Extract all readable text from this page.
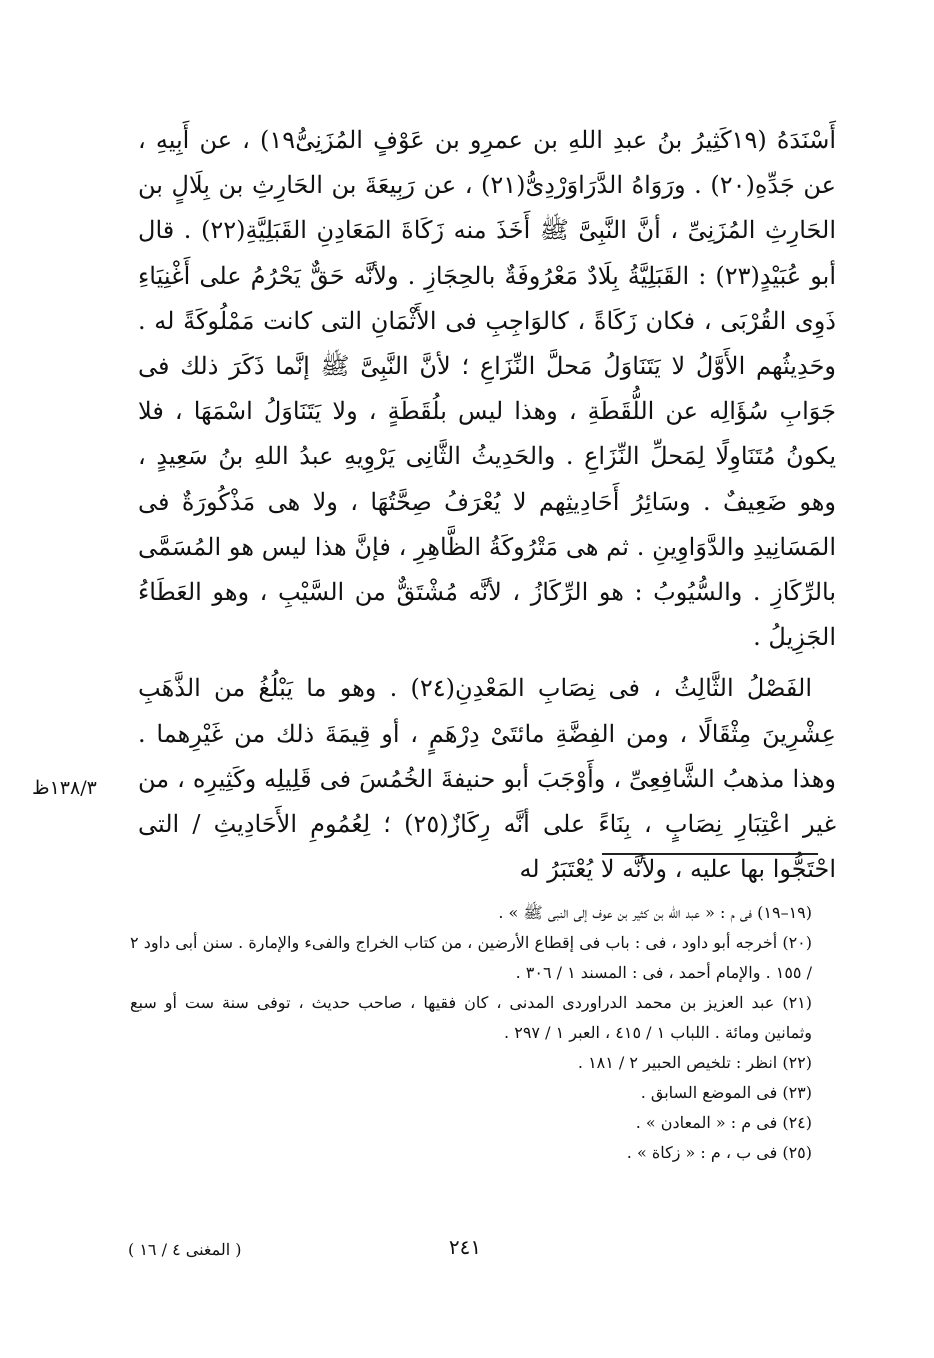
أَسْنَدَهُ (١٩كَثِيرُ بنُ عبدِ اللهِ بن عمرِو بن عَوْفٍ المُزَنِىُّ١٩) ، عن أَبِيهِ ، عن جَدِّهِ(٢٠) . ورَوَاهُ الدَّرَاوَرْدِىُّ(٢١) ، عن رَبِيعَةَ بن الحَارِثِ بن بِلَالٍ بن الحَارِثِ المُزَنِىِّ ، أنَّ النَّبِىَّ ﷺ أَخَذَ منه زَكَاةَ المَعَادِنِ القَبَلِيَّةِ(٢٢) . قال أبو عُبَيْدٍ(٢٣) : القَبَلِيَّةُ بِلَادٌ مَعْرُوفَةٌ بالحِجَازِ . ولأنَّه حَقٌّ يَحْرُمُ على أَغْنِيَاءِ ذَوِى القُرْبَى ، فكان زَكَاةً ، كالوَاجِبِ فى الأَثْمَانِ التى كانت مَمْلُوكَةً له . وحَدِيثُهم الأَوَّلُ لا يَتَنَاوَلُ مَحلَّ النِّزَاعِ ؛ لأنَّ النَّبِىَّ ﷺ إنَّما ذَكَرَ ذلك فى جَوَابِ سُؤَالِه عن اللُّقَطَةِ ، وهذا ليس بلُقَطَةٍ ، ولا يَتَنَاوَلُ اسْمَهَا ، فلا يكونُ مُتَنَاوِلًا لِمَحلِّ النِّزَاعِ . والحَدِيثُ الثَّانِى يَرْوِيهِ عبدُ اللهِ بنُ سَعِيدٍ ، وهو ضَعِيفٌ . وسَائِرُ أَحَادِيثِهم لا يُعْرَفُ صِحَّتُهَا ، ولا هى مَذْكُورَةٌ فى المَسَانِيدِ والدَّوَاوِينِ . ثم هى مَتْرُوكَةُ الظَّاهِرِ ، فإنَّ هذا ليس هو المُسَمَّى بالرِّكَازِ . والسُّيُوبُ : هو الرِّكَازُ ، لأنَّه مُشْتَقٌّ من السَّيْبِ ، وهو العَطَاءُ الجَزِيلُ .

الفَصْلُ الثَّالِثُ ، فى نِصَابِ المَعْدِنِ(٢٤) . وهو ما يَبْلُغُ من الذَّهَبِ عِشْرِينَ مِثْقَالًا ، ومن الفِضَّةِ مائتَىْ دِرْهَمٍ ، أو قِيمَةَ ذلك من غَيْرِهما . وهذا مذهبُ الشَّافِعِىِّ ، وأَوْجَبَ أبو حنيفةَ الخُمُسَ فى قَلِيلِه وكَثِيرِه ، من غير اعْتِبَارِ نِصَابٍ ، بِنَاءً على أنَّه رِكَازٌ(٢٥) ؛ لِعُمُومِ الأَحَادِيثِ / التى احْتَجُّوا بها عليه ، ولأنَّه لا يُعْتَبَرُ له

١٣٨/٣ظ

(١٩–١٩) فى م : « عبد الله بن كثير بن عوف إلى النبى ﷺ » .

(٢٠) أخرجه أبو داود ، فى : باب فى إقطاع الأرضين ، من كتاب الخراج والفىء والإمارة . سنن أبى داود ٢ / ١٥٥ . والإمام أحمد ، فى : المسند ١ / ٣٠٦ .

(٢١) عبد العزيز بن محمد الدراوردى المدنى ، كان فقيها ، صاحب حديث ، توفى سنة ست أو سبع وثمانين ومائة . اللباب ١ / ٤١٥ ، العبر ١ / ٢٩٧ .

(٢٢) انظر : تلخيص الحبير ٢ / ١٨١ .

(٢٣) فى الموضع السابق .

(٢٤) فى م : « المعادن » .

(٢٥) فى ب ، م : « زكاة » .

٢٤١
( المغنى ٤ / ١٦ )
